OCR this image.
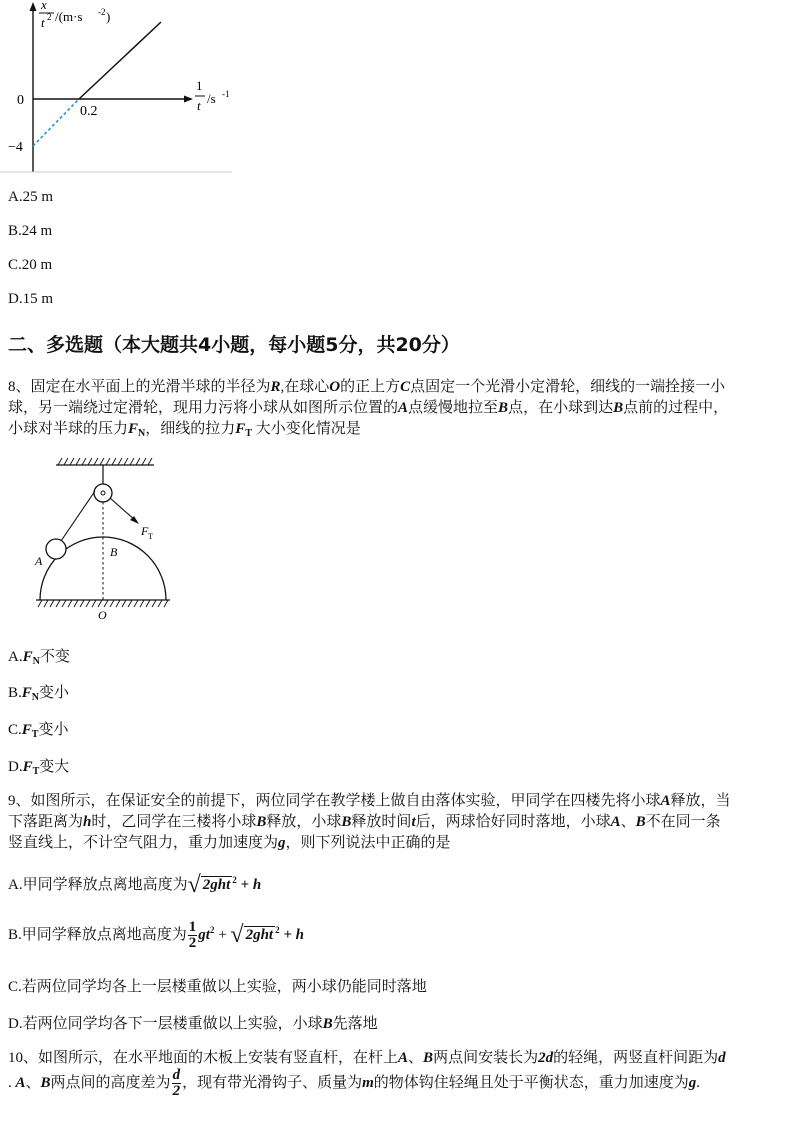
x
t 2 /(m·s -2 )
1
t /s -1
0
0.2
−4
A.25 m
B.24 m
C.20 m
D.15 m
二、多选题（本大题共4小题，每小题5分，共20分）

8、固定在水平面上的光滑半球的半径为R,在球心O的正上方C点固定一个光滑小定滑轮，细线的一端拴接一小
球，另一端绕过定滑轮，现用力污将小球从如图所示位置的A点缓慢地拉至B点，在小球到达B点前的过程中，
小球对半球的压力$F_N$，细线的拉力$F_T$ 大小变化情况是

F T
A
B
O
$A.F_N$不变
$B.F_N$变小
$C.F_T$变小
$D.F_T$变大

9、如图所示，在保证安全的前提下，两位同学在教学楼上做自由落体实验，甲同学在四楼先将小球A释放，当
下落距离为h时，乙同学在三楼将小球B释放，小球B释放时间t后，两球恰好同时落地，小球A、B不在同一条
竖直线上，不计空气阻力，重力加速度为g，则下列说法中正确的是

A.甲同学释放点离地高度为√ 2ght $^2$ + h
B.甲同学释放点离地高度为 $\frac{1}{2} gt^2$ + √ 2ght $^2$ + h
C.若两位同学均各上一层楼重做以上实验，两小球仍能同时落地
D.若两位同学均各下一层楼重做以上实验，小球B先落地
10、如图所示，在水平地面的木板上安装有竖直杆，在杆上A、B两点间安装长为2d的轻绳，两竖直杆间距为d
. A、B两点间的高度差为 $\frac{d}{2}$ ，现有带光滑钩子、质量为m的物体钩住轻绳且处于平衡状态，重力加速度为g.
